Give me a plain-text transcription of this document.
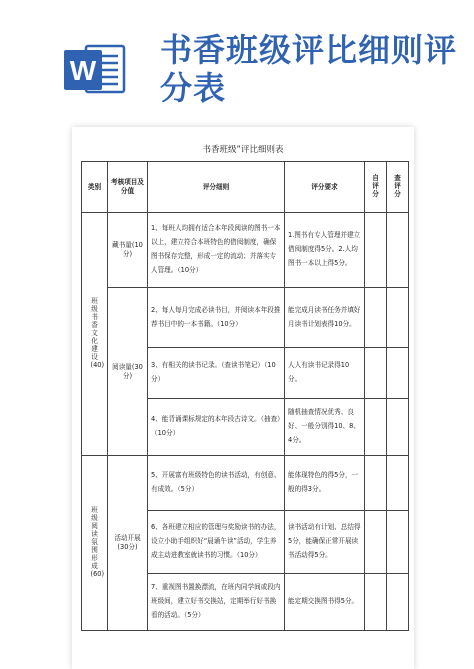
W
书香班级评比细则评分表
书香班级”评比细则表
类别	考核项目及分值	评分细则	评分要求	自评分	查评分
班级书香文化建设(40)	藏书量(10分)	1、每班人均拥有适合本年段阅读的图书一本以上，建立符合本班特色的借阅制度，确保图书保存完整，形成一定的流动；并落实专人管理。（10分）	1.图书有专人管理并建立借阅制度得5分。2.人均图书一本以上得5分。		
	阅读量(30分)	2、每人每月完成必读书目，并阅读本年段推荐书目中的一本书籍。（10分）	能完成月读书任务并填好月读书计划表得10分。		
		3、有相关的读书记录。（查读书笔记）（10分）	人人有读书记录得10分。		
		4、能背诵课标规定的本年段古诗文。（抽查）（10分）	随机抽查情况优秀、良好、一般分别得10、8、4分。		
班级阅读氛围形成(60)	活动开展(30分)	5、开展富有班级特色的读书活动，有创意、有成效。（5分）	能体现特色的得5分，一般的得3分。		
		6、各班建立相应的管理与奖励读书的办法，设立小助手组织好“晨诵午读”活动，学生养成主动进教室就读书的习惯。（10分）	读书活动有计划、总结得5分，能确保正常开展读书活动得5分。		
		7、重视图书置换漂流，在班内同学间或段内班级间，建立好书交换站，定期举行好书换看的活动。（5分）	能定期交换图书得5分。		
